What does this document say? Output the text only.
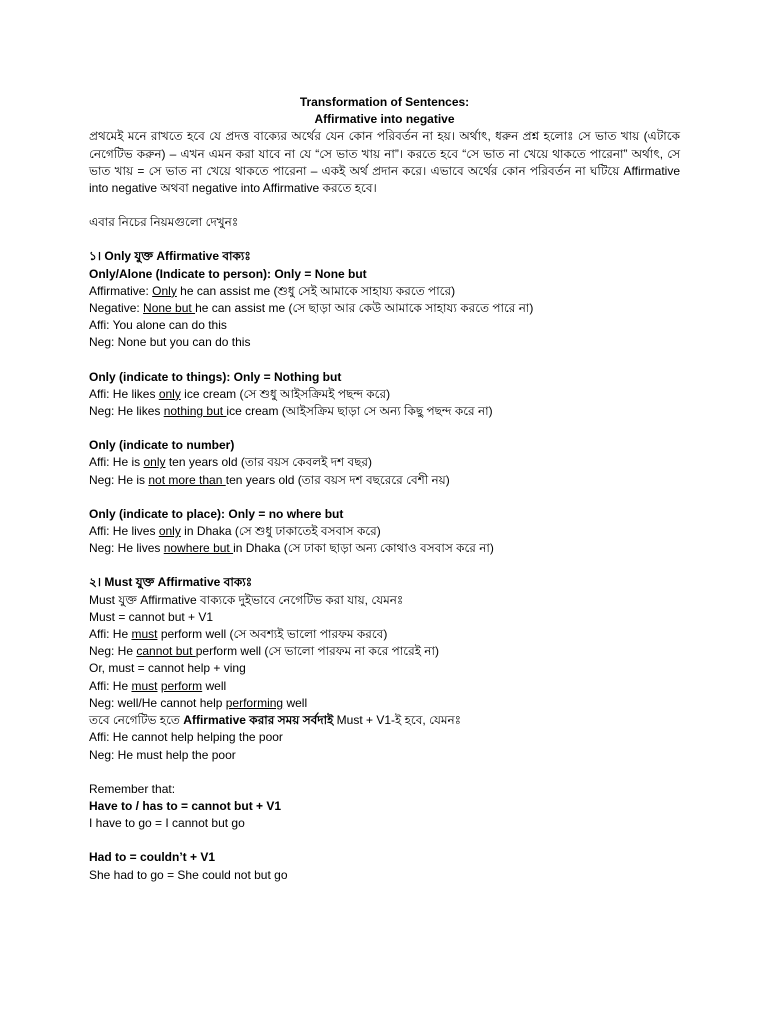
Transformation of Sentences:

Affirmative into negative

প্রথমেই মনে রাখতে হবে যে প্রদত্ত বাক্যের অর্থের যেন কোন পরিবর্তন না হয়। অর্থাৎ, ধরুন প্রশ্ন হলোঃ সে ভাত খায় (এটাকে নেগেটিভ করুন) – এখন এমন করা যাবে না যে “সে ভাত খায় না”। করতে হবে “সে ভাত না খেয়ে থাকতে পারেনা” অর্থাৎ, সে ভাত খায় = সে ভাত না খেয়ে থাকতে পারেনা – একই অর্থ প্রদান করে। এভাবে অর্থের কোন পরিবর্তন না ঘটিয়ে Affirmative into negative অথবা negative into Affirmative করতে হবে।

এবার নিচের নিয়মগুলো দেখুনঃ

১। Only যুক্ত Affirmative বাক্যঃ

Only/Alone (Indicate to person): Only = None but

Affirmative: Only he can assist me (শুধু সেই আমাকে সাহায্য করতে পারে)

Negative: None but he can assist me (সে ছাড়া আর কেউ আমাকে সাহায্য করতে পারে না)

Affi: You alone can do this

Neg: None but you can do this

Only (indicate to things): Only = Nothing but

Affi: He likes only ice cream (সে শুধু আইসক্রিমই পছন্দ করে)

Neg: He likes nothing but ice cream (আইসক্রিম ছাড়া সে অন্য কিছু পছন্দ করে না)

Only (indicate to number)

Affi: He is only ten years old (তার বয়স কেবলই দশ বছর)

Neg: He is not more than ten years old (তার বয়স দশ বছরেরে বেশী নয়)

Only (indicate to place): Only = no where but

Affi: He lives only in Dhaka (সে শুধু ঢাকাতেই বসবাস করে)

Neg: He lives nowhere but in Dhaka (সে ঢাকা ছাড়া অন্য কোথাও বসবাস করে না)

২। Must যুক্ত Affirmative বাক্যঃ

Must যুক্ত Affirmative বাক্যকে দুইভাবে নেগেটিভ করা যায়, যেমনঃ

Must = cannot but + V1

Affi: He must perform well (সে অবশ্যই ভালো পারফম করবে)

Neg: He cannot but perform well (সে ভালো পারফম না করে পারেই না)

Or, must = cannot help + ving

Affi: He must perform well

Neg: well/He cannot help performing well

তবে নেগেটিভ হতে Affirmative করার সময় সর্বদাই Must + V1-ই হবে, যেমনঃ

Affi: He cannot help helping the poor

Neg: He must help the poor

Remember that:

Have to / has to = cannot but + V1

I have to go = I cannot but go

Had to = couldn’t + V1

She had to go = She could not but go
